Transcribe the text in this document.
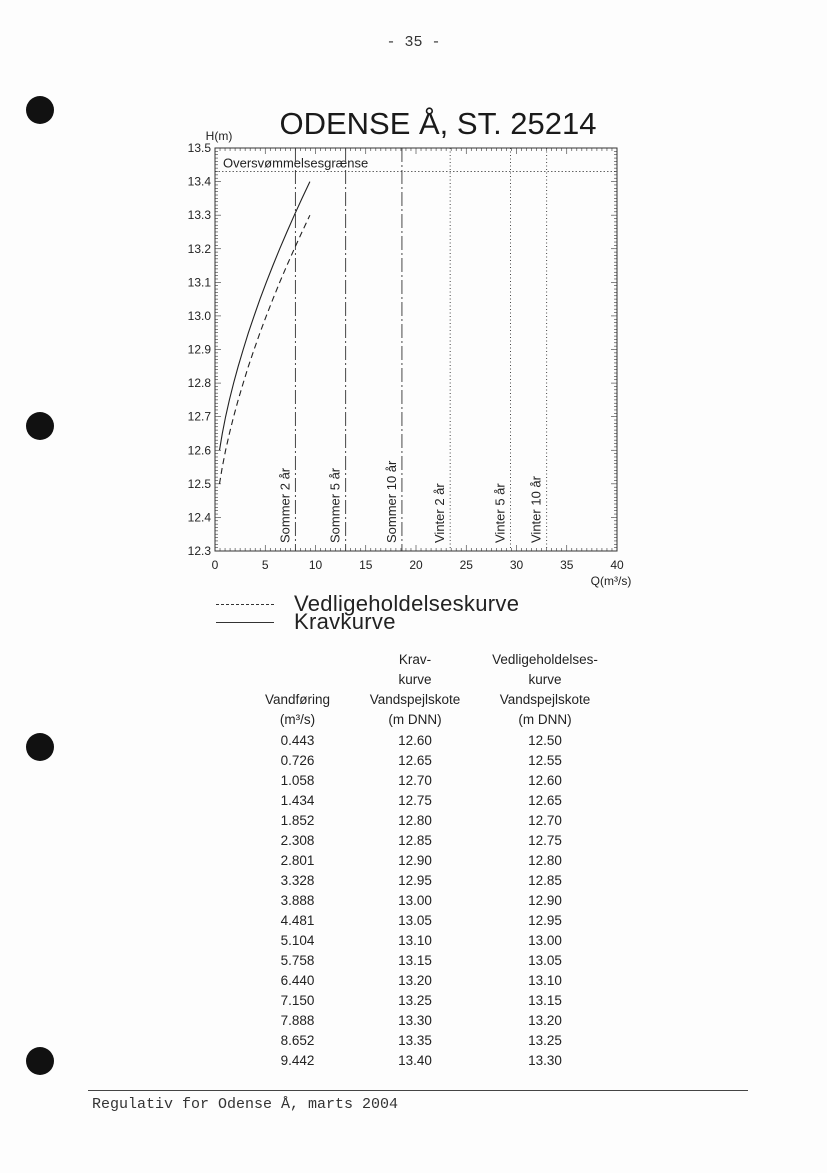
- 35 -
ODENSE Å, ST. 25214
H(m)
12.3
12.4
12.5
12.6
12.7
12.8
12.9
13.0
13.1
13.2
13.3
13.4
13.5
0	5	10	15	20	25	30	35	40
Q(m³/s)
Oversvømmelsesgrænse
Sommer 2 år	Sommer 5 år	Sommer 10 år	Vinter 2 år	Vinter 5 år Vinter 10 år
Vedligeholdelseskurve
Kravkurve
	Krav-	Vedligeholdelses-
	kurve	kurve
Vandføring	Vandspejlskote	Vandspejlskote
(m³/s)	(m DNN)	(m DNN)
0.443	12.60	12.50
0.726	12.65	12.55
1.058	12.70	12.60
1.434	12.75	12.65
1.852	12.80	12.70
2.308	12.85	12.75
2.801	12.90	12.80
3.328	12.95	12.85
3.888	13.00	12.90
4.481	13.05	12.95
5.104	13.10	13.00
5.758	13.15	13.05
6.440	13.20	13.10
7.150	13.25	13.15
7.888	13.30	13.20
8.652	13.35	13.25
9.442	13.40	13.30
Regulativ for Odense Å, marts 2004
